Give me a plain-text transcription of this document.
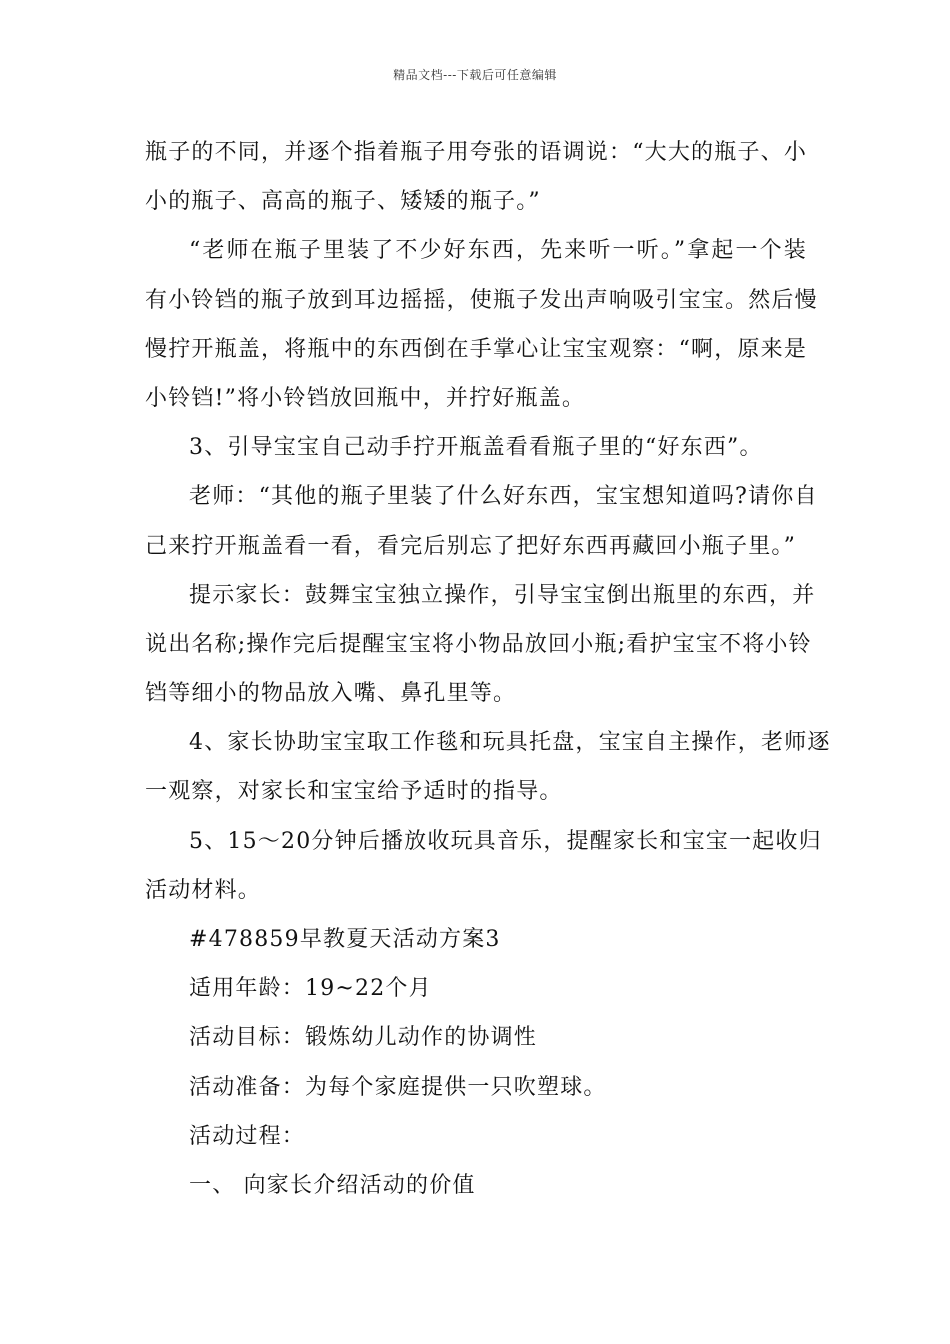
精品文档---下载后可任意编辑
瓶子的不同，并逐个指着瓶子用夸张的语调说：“大大的瓶子、小
小的瓶子、高高的瓶子、矮矮的瓶子。”
“老师在瓶子里装了不少好东西，先来听一听。”拿起一个装
有小铃铛的瓶子放到耳边摇摇，使瓶子发出声响吸引宝宝。然后慢
慢拧开瓶盖，将瓶中的东西倒在手掌心让宝宝观察：“啊，原来是
小铃铛!”将小铃铛放回瓶中，并拧好瓶盖。
3、引导宝宝自己动手拧开瓶盖看看瓶子里的“好东西”。
老师：“其他的瓶子里装了什么好东西，宝宝想知道吗?请你自
己来拧开瓶盖看一看，看完后别忘了把好东西再藏回小瓶子里。”
提示家长：鼓舞宝宝独立操作，引导宝宝倒出瓶里的东西，并
说出名称;操作完后提醒宝宝将小物品放回小瓶;看护宝宝不将小铃
铛等细小的物品放入嘴、鼻孔里等。
4、家长协助宝宝取工作毯和玩具托盘，宝宝自主操作，老师逐
一观察，对家长和宝宝给予适时的指导。
5、15～20分钟后播放收玩具音乐，提醒家长和宝宝一起收归
活动材料。
#478859早教夏天活动方案3
适用年龄：19~22个月
活动目标：锻炼幼儿动作的协调性
活动准备：为每个家庭提供一只吹塑球。
活动过程：
一、 向家长介绍活动的价值
